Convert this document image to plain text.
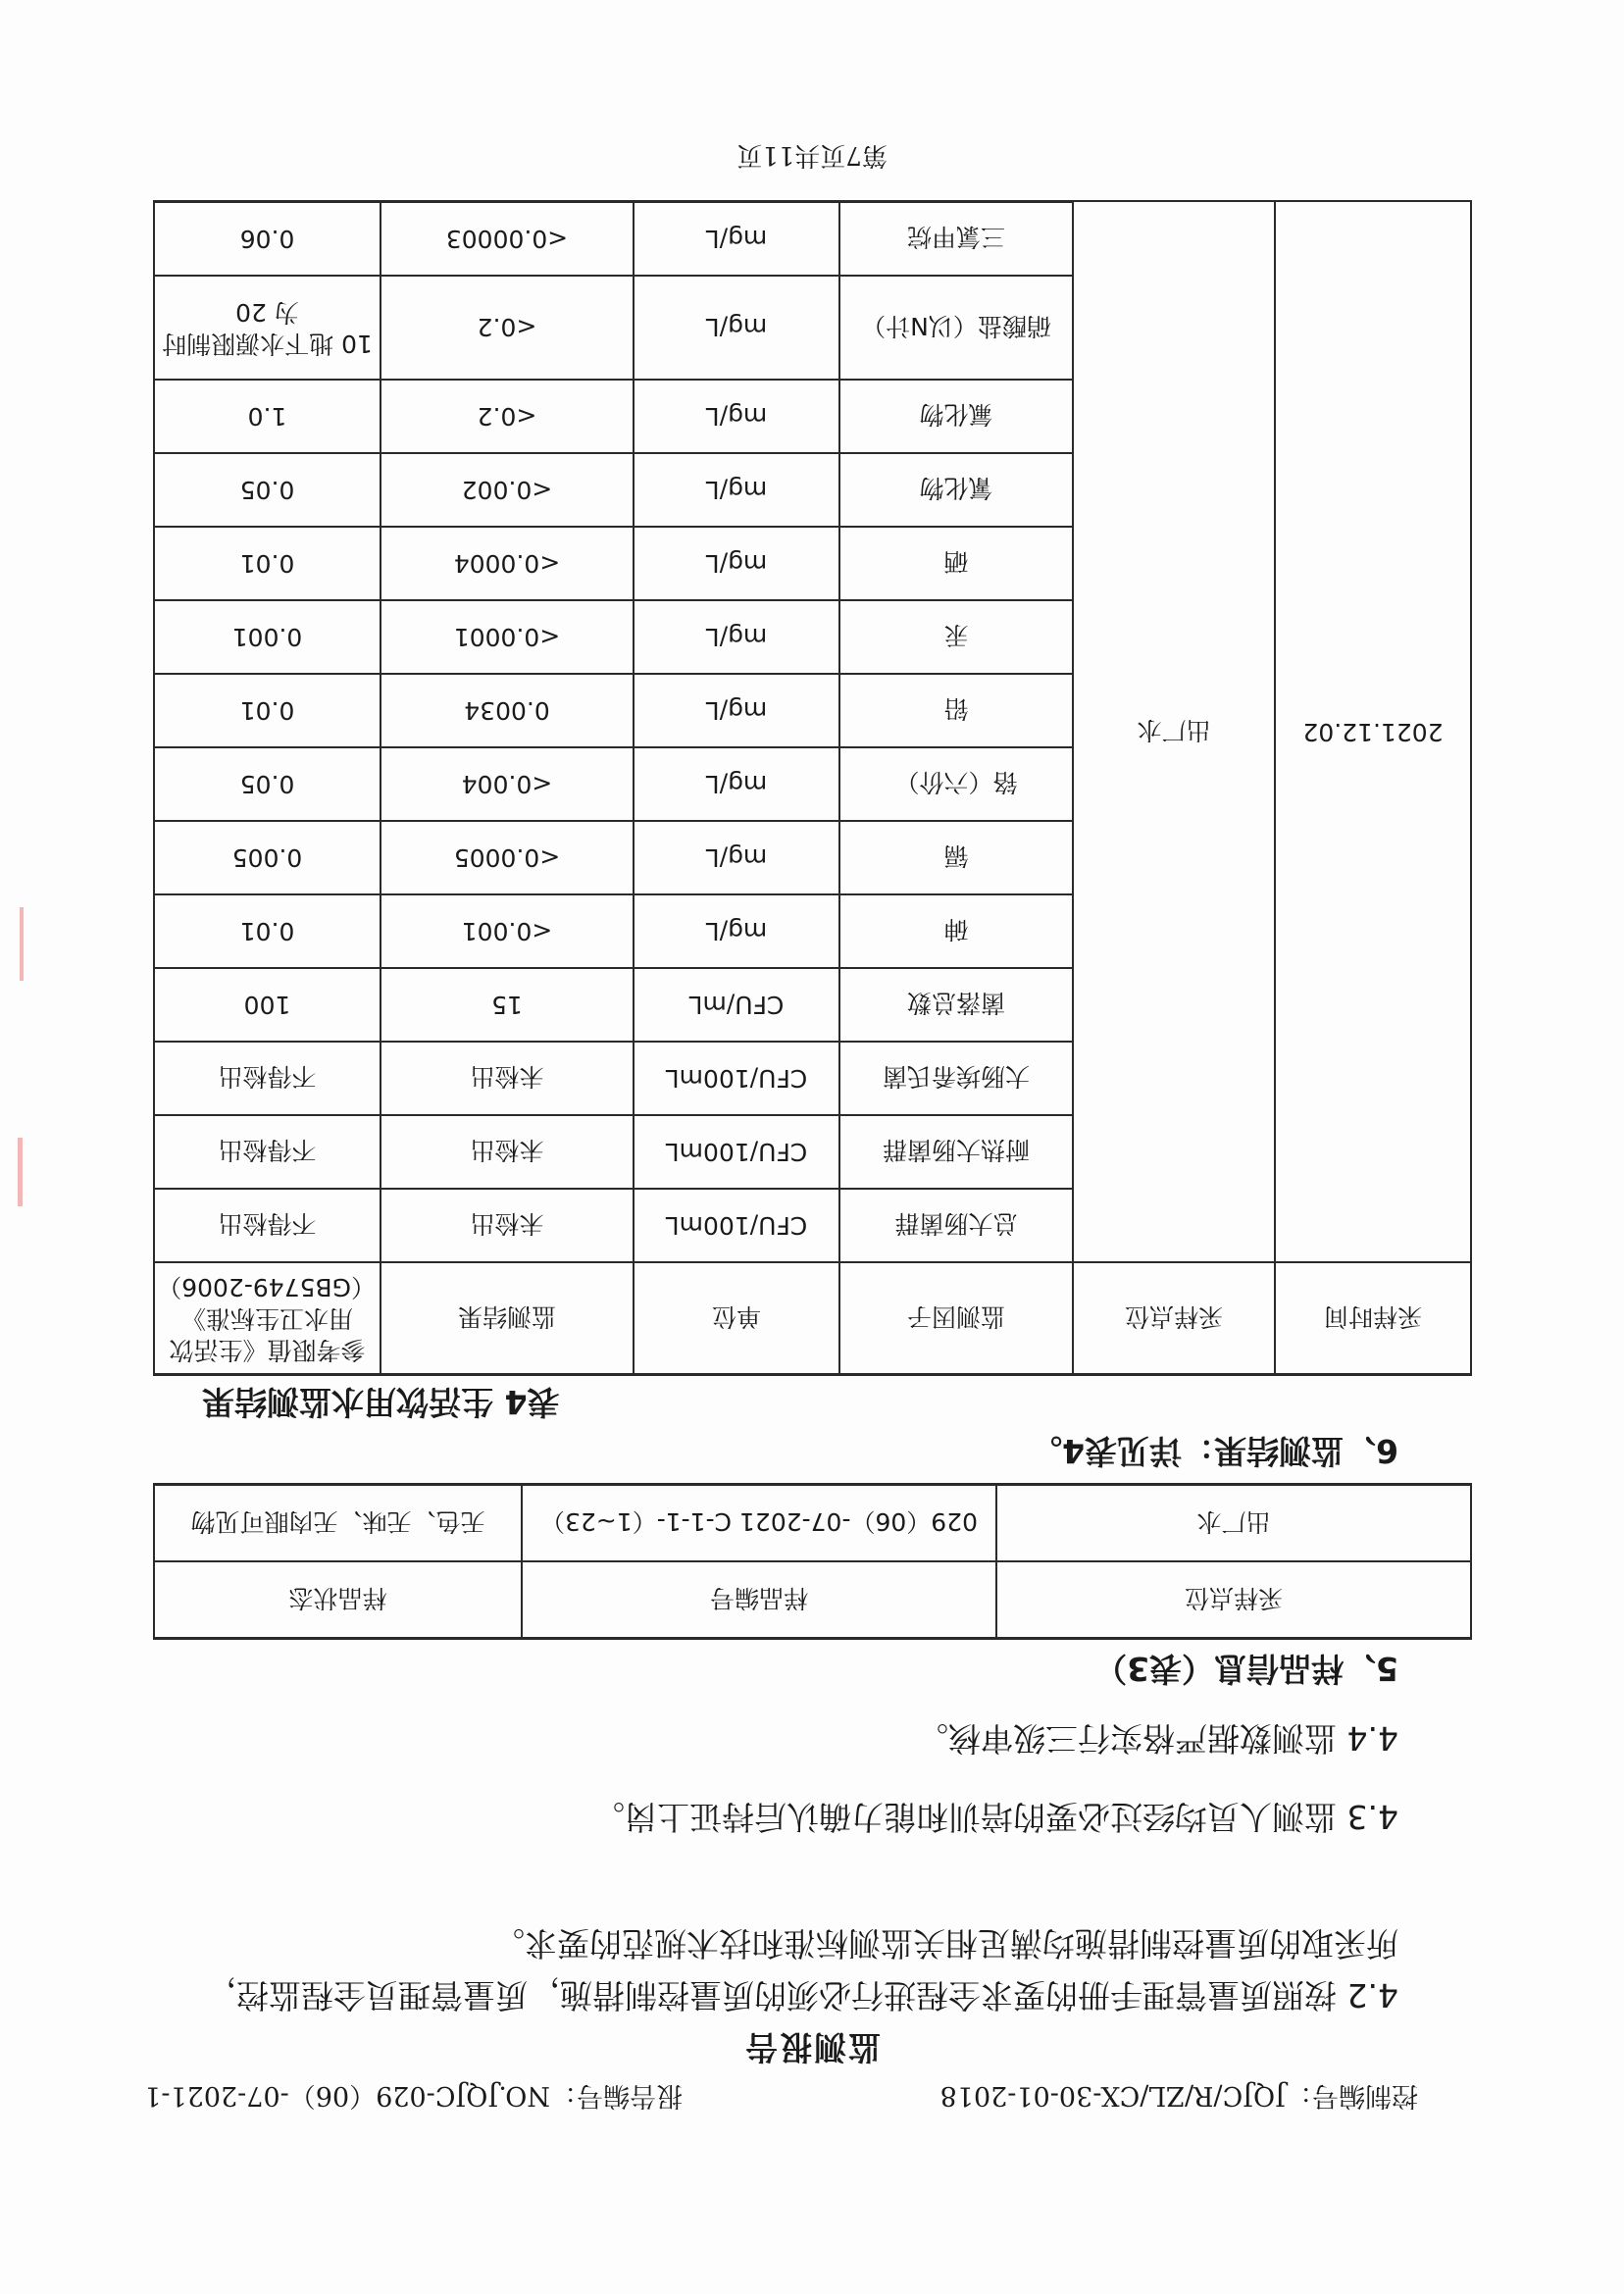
控制编号：JQJC/R/ZL/CX-30-01-2018
报告编号：NO.JQJC-029（06）-07-2021-1
监测报告
4.2 按照质量管理手册的要求全程进行必须的质量控制措施，质量管理员全程监控，所采取的质量控制措施均满足相关监测标准和技术规范的要求。
4.3 监测人员均经过必要的培训和能力确认后持证上岗。
4.4 监测数据严格实行三级审核。
5、样品信息（表3）
采样点位	样品编号	样品状态
出厂水	029（06）-07-2021 C-1-1-（1~23）	无色、无味、无肉眼可见物
6、监测结果：详见表4。
表4 生活饮用水监测结果
采样时间	采样点位	监测因子	单位	监测结果	参考限值《生活饮用水卫生标准》（GB5749-2006）
2021.12.02	出厂水	总大肠菌群	CFU/100mL	未检出	不得检出
		耐热大肠菌群	CFU/100mL	未检出	不得检出
		大肠埃希氏菌	CFU/100mL	未检出	不得检出
		菌落总数	CFU/mL	15	100
		砷	mg/L	<0.001	0.01
		镉	mg/L	<0.0005	0.005
		铬（六价）	mg/L	<0.004	0.05
		铅	mg/L	0.0034	0.01
		汞	mg/L	<0.0001	0.001
		硒	mg/L	<0.0004	0.01
		氰化物	mg/L	<0.002	0.05
		氟化物	mg/L	<0.2	1.0
		硝酸盐（以N计）	mg/L	<0.2	10 地下水源限制时为 20
		三氯甲烷	mg/L	<0.00003	0.06
第7页共11页
